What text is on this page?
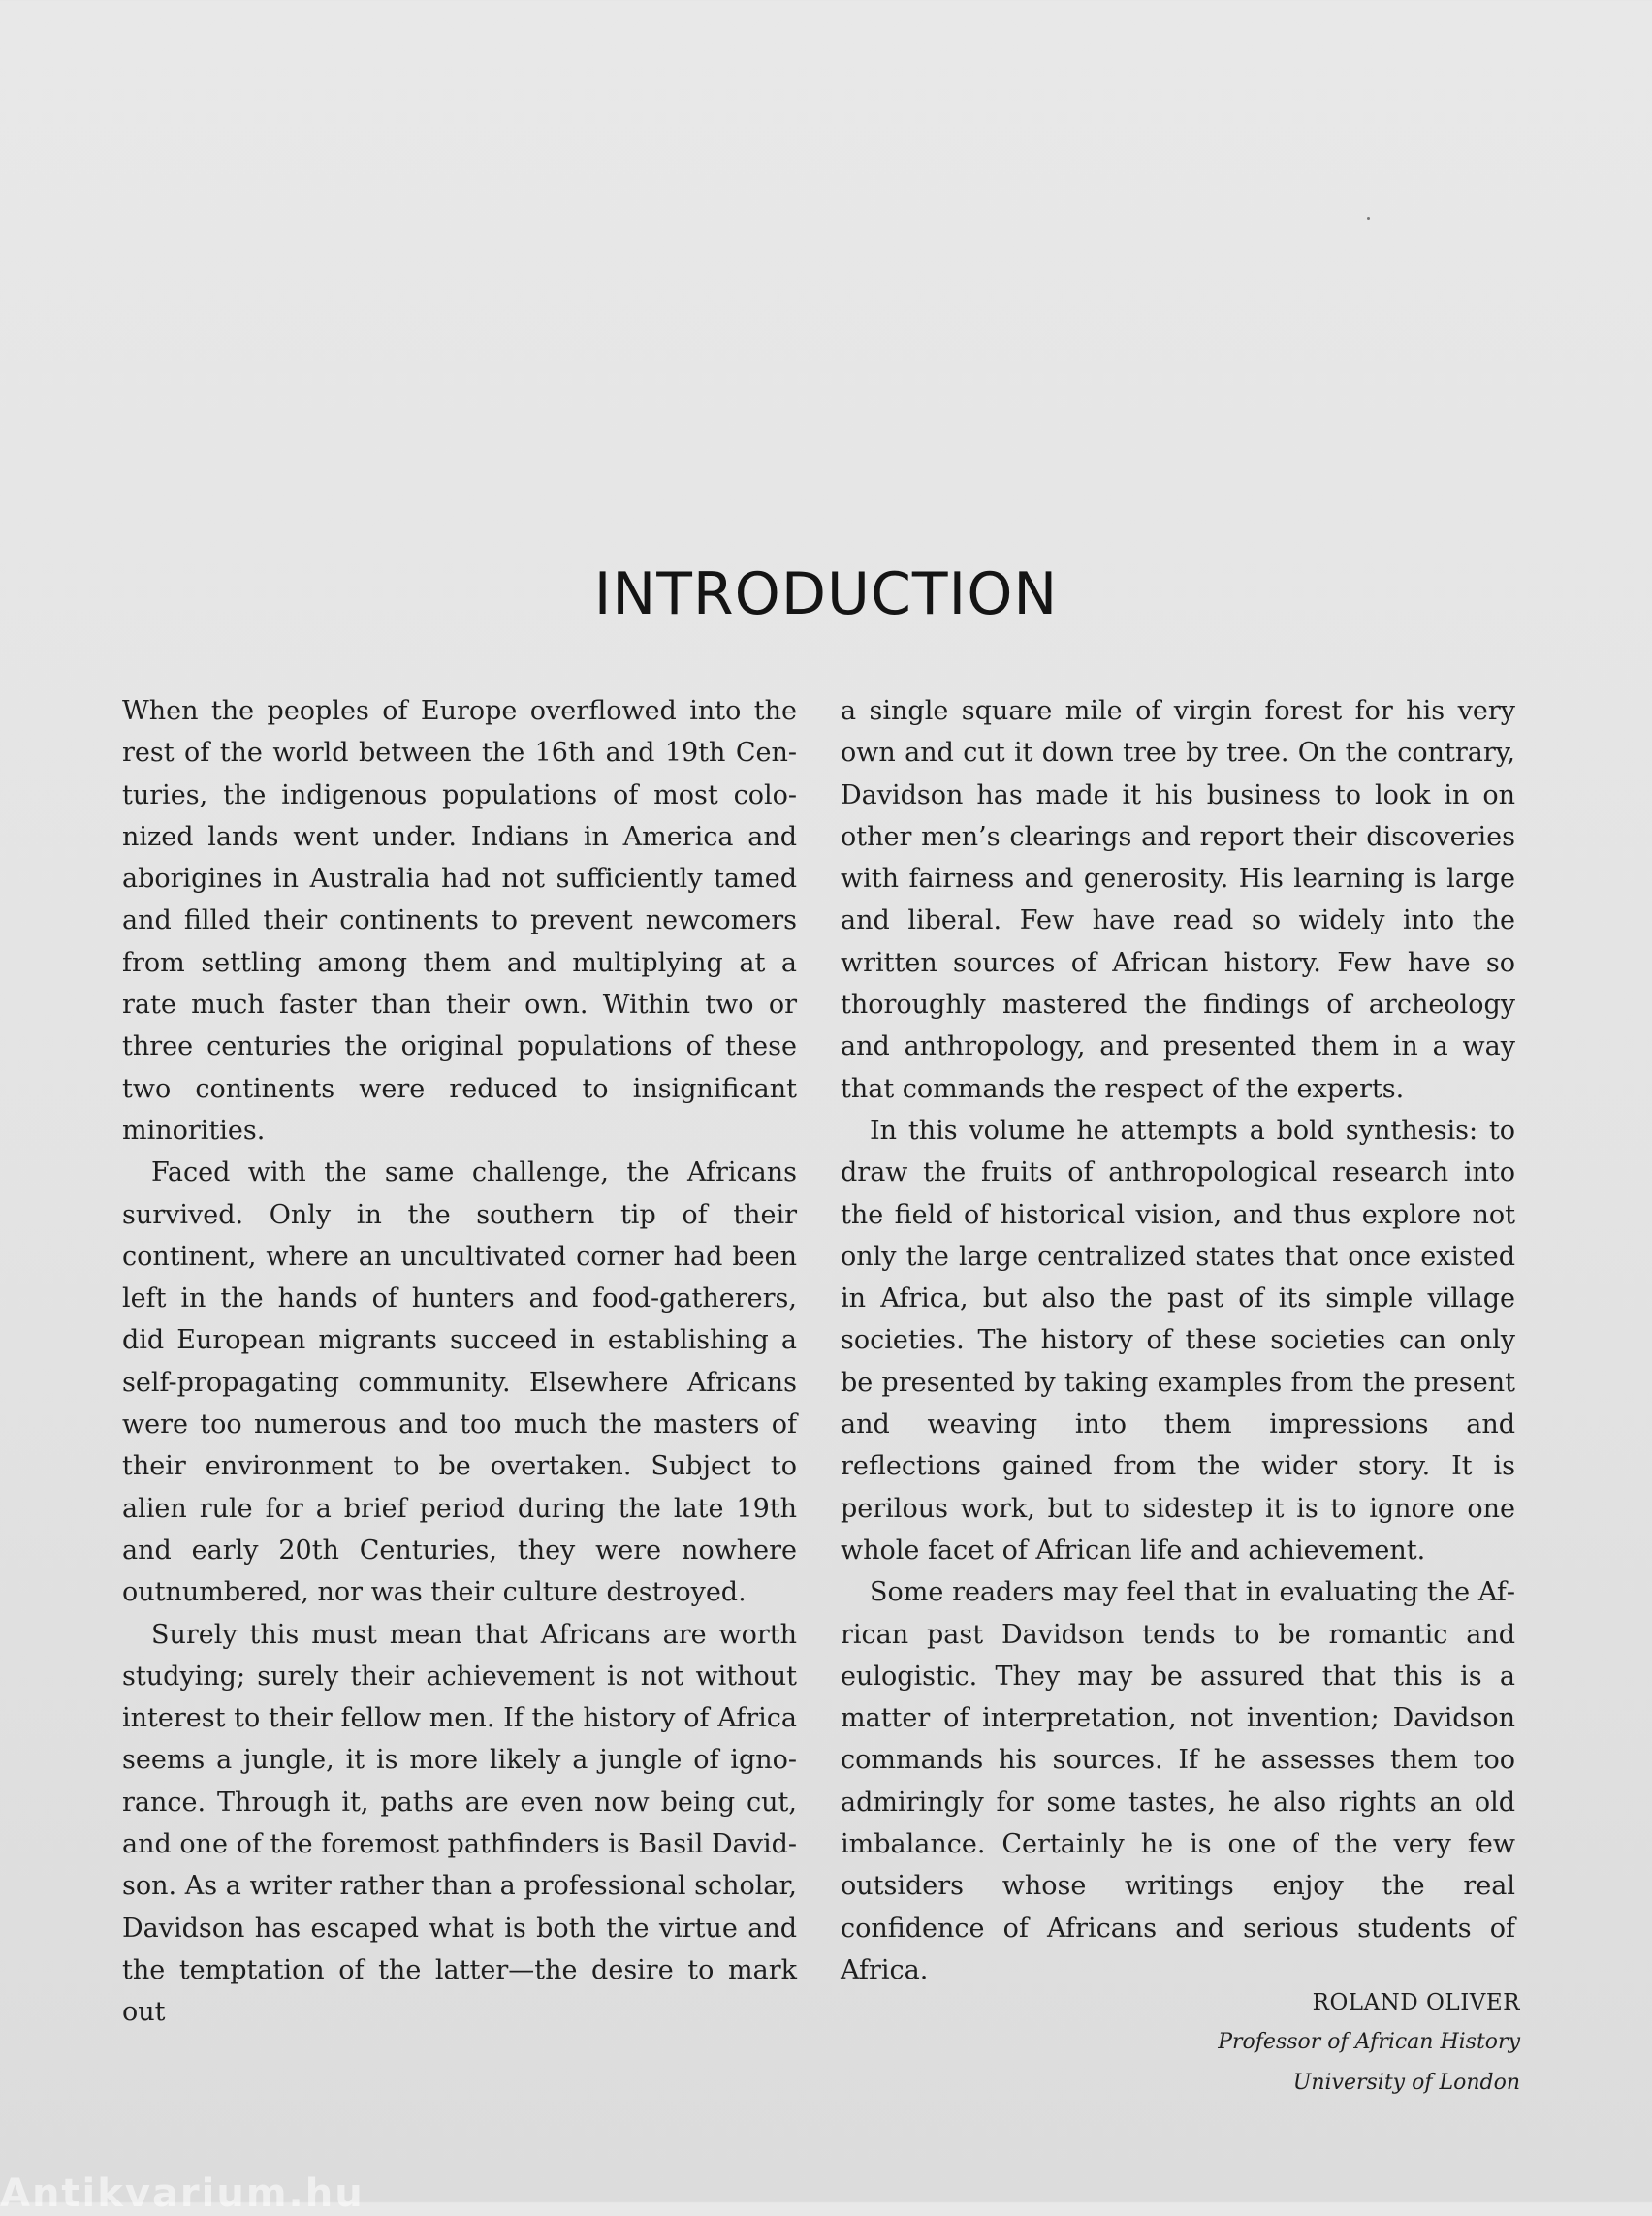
INTRODUCTION

When the peoples of Europe overflowed into the rest of the world between the 16th and 19th Centuries, the indigenous populations of most colonized lands went under. Indians in America and aborigines in Australia had not sufficiently tamed and filled their continents to prevent newcomers from settling among them and multiplying at a rate much faster than their own. Within two or three centuries the original populations of these two continents were reduced to insignificant minorities.

Faced with the same challenge, the Africans survived. Only in the southern tip of their continent, where an uncultivated corner had been left in the hands of hunters and food-gatherers, did European migrants succeed in establishing a self-propagating community. Elsewhere Africans were too numerous and too much the masters of their environment to be overtaken. Subject to alien rule for a brief period during the late 19th and early 20th Centuries, they were nowhere outnumbered, nor was their culture destroyed.

Surely this must mean that Africans are worth studying; surely their achievement is not without interest to their fellow men. If the history of Africa seems a jungle, it is more likely a jungle of ignorance. Through it, paths are even now being cut, and one of the foremost pathfinders is Basil Davidson. As a writer rather than a professional scholar, Davidson has escaped what is both the virtue and the temptation of the latter—the desire to mark out

a single square mile of virgin forest for his very own and cut it down tree by tree. On the contrary, Davidson has made it his business to look in on other men’s clearings and report their discoveries with fairness and generosity. His learning is large and liberal. Few have read so widely into the written sources of African history. Few have so thoroughly mastered the findings of archeology and anthropology, and presented them in a way that commands the respect of the experts.

In this volume he attempts a bold synthesis: to draw the fruits of anthropological research into the field of historical vision, and thus explore not only the large centralized states that once existed in Africa, but also the past of its simple village societies. The history of these societies can only be presented by taking examples from the present and weaving into them impressions and reflections gained from the wider story. It is perilous work, but to sidestep it is to ignore one whole facet of African life and achievement.

Some readers may feel that in evaluating the African past Davidson tends to be romantic and eulogistic. They may be assured that this is a matter of interpretation, not invention; Davidson commands his sources. If he assesses them too admiringly for some tastes, he also rights an old imbalance. Certainly he is one of the very few outsiders whose writings enjoy the real confidence of Africans and serious students of Africa.

ROLAND OLIVER
Professor of African History
University of London
Antikvarium.hu
